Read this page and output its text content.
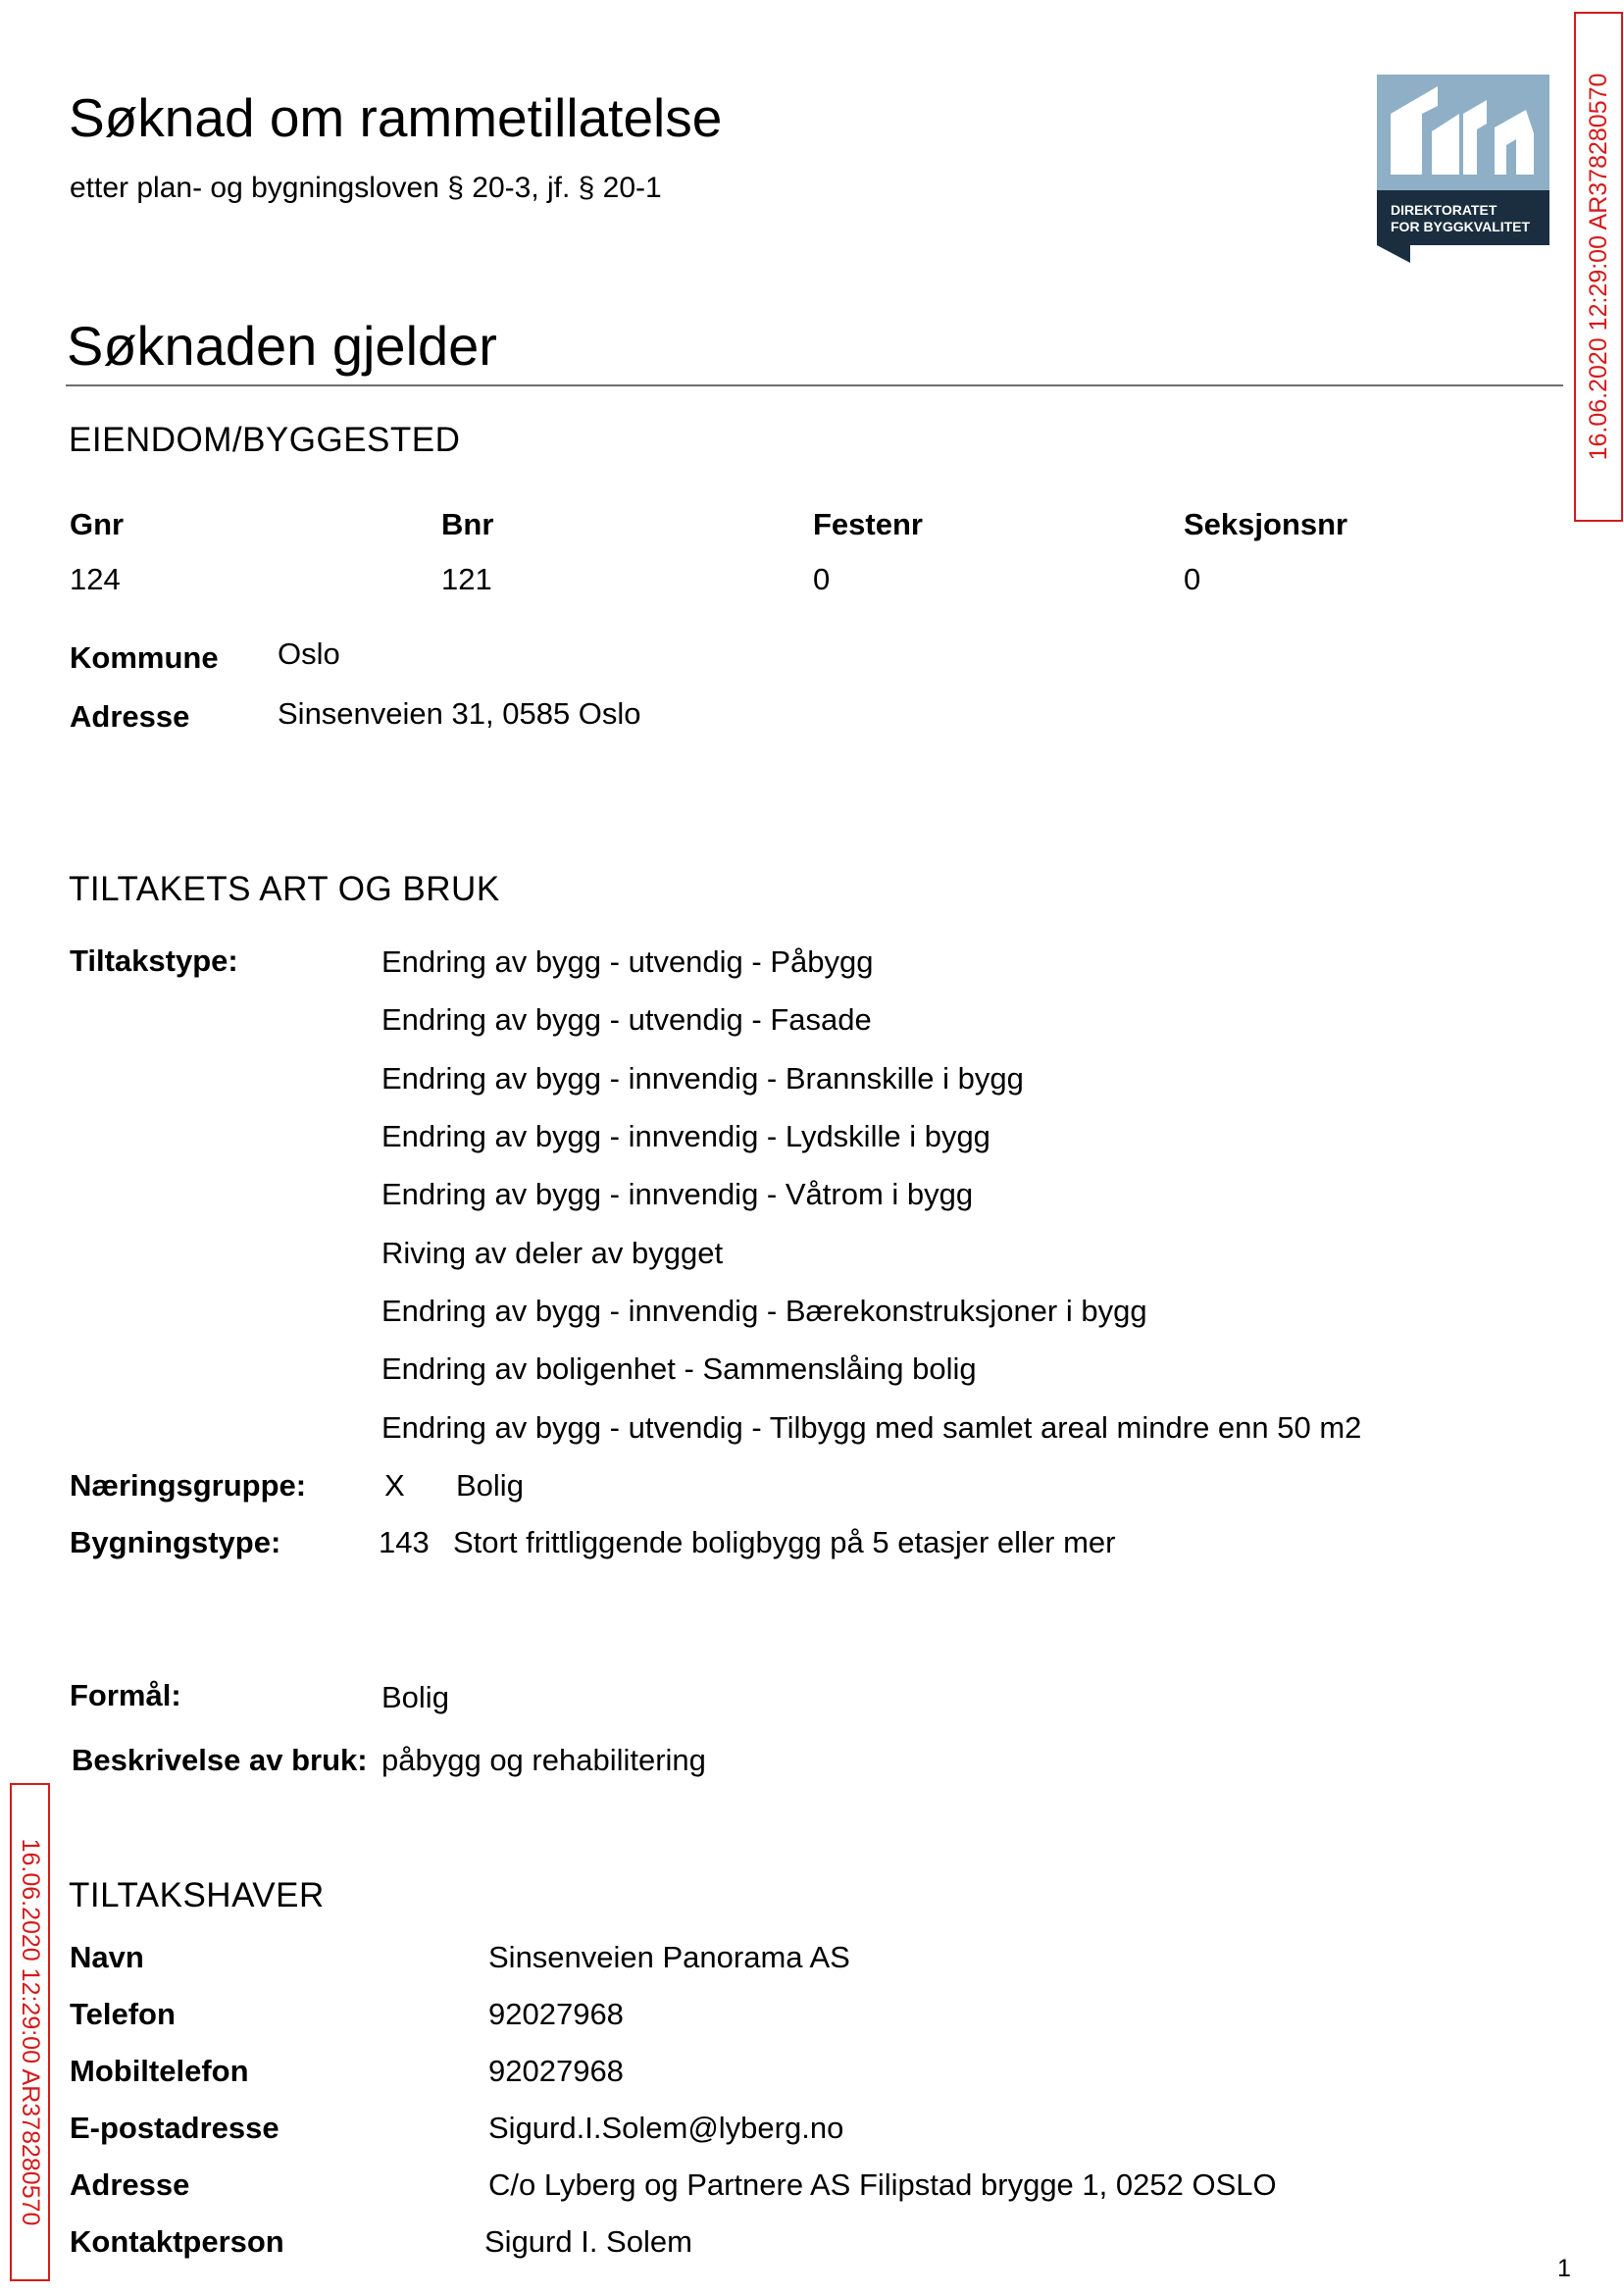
Søknad om rammetillatelse
etter plan- og bygningsloven § 20-3, jf. § 20-1
DIREKTORATET
FOR BYGGKVALITET 16.06.2020 12:29:00 AR378280570
16.06.2020 12:29:00 AR378280570
Søknaden gjelder
EIENDOM/BYGGESTED
Gnr	Bnr	Festenr	Seksjonsnr
124	121	0	0
Kommune Oslo
Adresse	Sinsenveien 31, 0585 Oslo
TILTAKETS ART OG BRUK
Tiltakstype:	Endring av bygg - utvendig - Påbygg
Endring av bygg - utvendig - Fasade
Endring av bygg - innvendig - Brannskille i bygg
Endring av bygg - innvendig - Lydskille i bygg
Endring av bygg - innvendig - Våtrom i bygg
Riving av deler av bygget
Endring av bygg - innvendig - Bærekonstruksjoner i bygg
Endring av boligenhet - Sammenslåing bolig
Endring av bygg - utvendig - Tilbygg med samlet areal mindre enn 50 m2
Næringsgruppe:	X Bolig
Bygningstype:	143 Stort frittliggende boligbygg på 5 etasjer eller mer
Formål:	Bolig
Beskrivelse av bruk: påbygg og rehabilitering
TILTAKSHAVER
Navn	Sinsenveien Panorama AS
Telefon	92027968
Mobiltelefon	92027968
E-postadresse	Sigurd.I.Solem@lyberg.no
Adresse	C/o Lyberg og Partnere AS Filipstad brygge 1, 0252 OSLO
Kontaktperson	Sigurd I. Solem
1
